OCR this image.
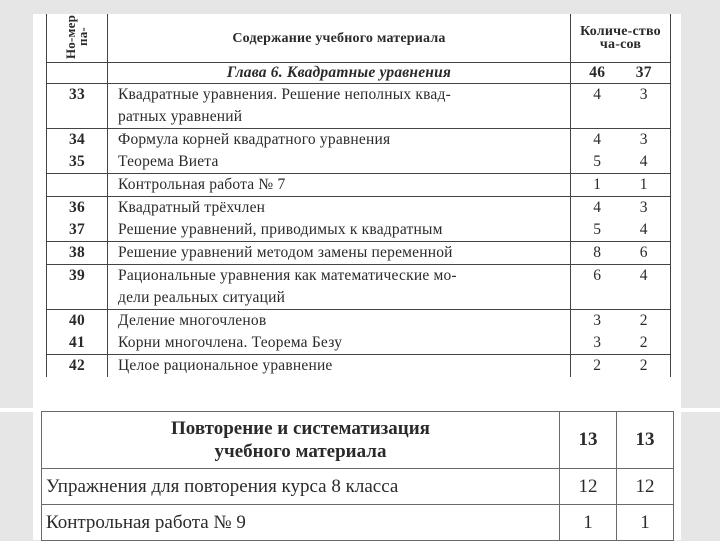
Но-мер па-	Содержание учебного материала	Количе-ство ча-сов
	Глава 6. Квадратные уравнения	46 37

33	Квадратные уравнения. Решение неполных квад-	4 3

	ратных уравнений	

34	Формула корней квадратного уравнения	4 3

35	Теорема Виета	5 4

	Контрольная работа № 7	1 1

36	Квадратный трёхчлен	4 3

37	Решение уравнений, приводимых к квадратным	5 4

38	Решение уравнений методом замены переменной	8 6

39	Рациональные уравнения как математические мо-	6 4

	дели реальных ситуаций	

40	Деление многочленов	3 2

41	Корни многочлена. Теорема Безу	3 2

42	Целое рациональное уравнение	2 2
Повторение и систематизация
учебного материала	13	13
Упражнения для повторения курса 8 класса	12	12
Контрольная работа № 9	1	1
